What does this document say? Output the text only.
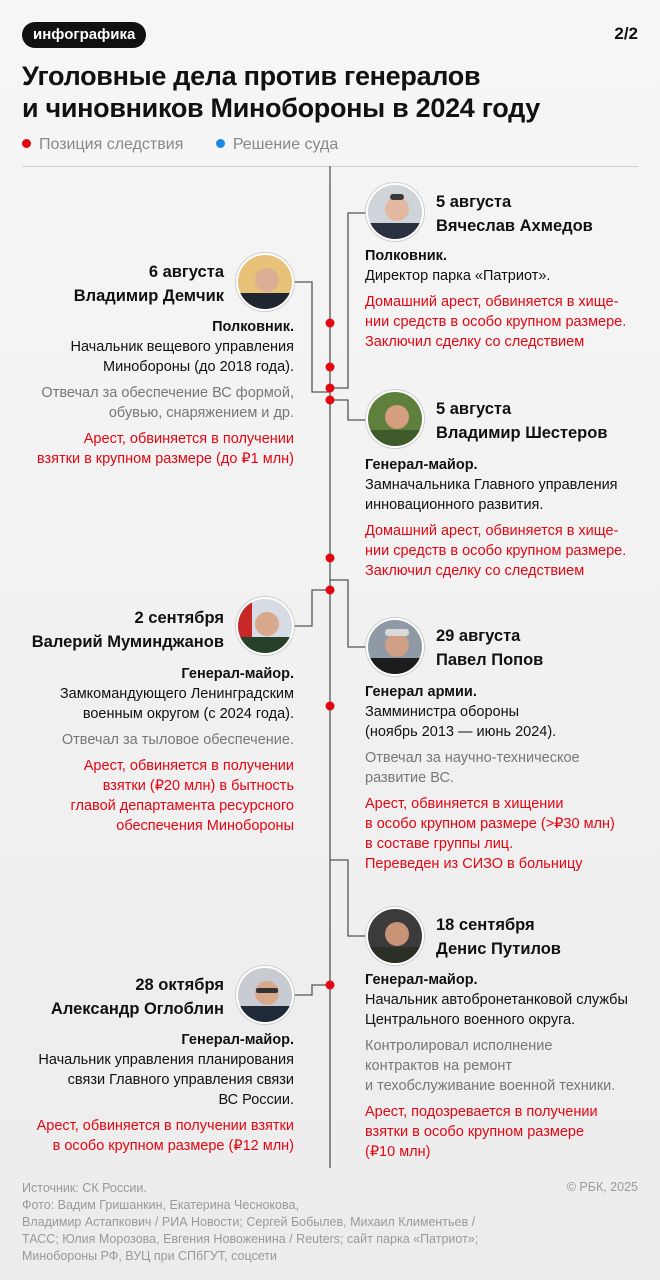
инфографика	2/2
Уголовные дела против генералов
и чиновников Минобороны в 2024 году
Позиция следствия	Решение суда
5 августа
Вячеслав Ахмедов

Полковник.

Директор парка «Патриот».

Домашний арест, обвиняется в хище-

нии средств в особо крупном размере.

Заключил сделку со следствием

6 августа
Владимир Демчик

Полковник.

Начальник вещевого управления

Минобороны (до 2018 года).

Отвечал за обеспечение ВС формой,

обувью, снаряжением и др.

Арест, обвиняется в получении

взятки в крупном размере (до ₽1 млн)

5 августа
Владимир Шестеров

Генерал-майор.

Замначальника Главного управления

инновационного развития.

Домашний арест, обвиняется в хище-

нии средств в особо крупном размере.

Заключил сделку со следствием

2 сентября
Валерий Муминджанов

Генерал-майор.

Замкомандующего Ленинградским

военным округом (с 2024 года).

Отвечал за тыловое обеспечение.

Арест, обвиняется в получении

взятки (₽20 млн) в бытность

главой департамента ресурсного

обеспечения Минобороны

29 августа
Павел Попов

Генерал армии.

Замминистра обороны

(ноябрь 2013 — июнь 2024).

Отвечал за научно-техническое

развитие ВС.

Арест, обвиняется в хищении

в особо крупном размере (>₽30 млн)

в составе группы лиц.

Переведен из СИЗО в больницу

18 сентября
Денис Путилов

Генерал-майор.

Начальник автобронетанковой службы

Центрального военного округа.

Контролировал исполнение

контрактов на ремонт

и техобслуживание военной техники.

Арест, подозревается в получении

взятки в особо крупном размере

(₽10 млн)

28 октября
Александр Оглоблин

Генерал-майор.

Начальник управления планирования

связи Главного управления связи

ВС России.

Арест, обвиняется в получении взятки

в особо крупном размере (₽12 млн)

Источник: СК России.

Фото: Вадим Гришанкин, Екатерина Чеснокова,

Владимир Астапкович / РИА Новости; Сергей Бобылев, Михаил Климентьев /

ТАСС; Юлия Морозова, Евгения Новоженина / Reuters; сайт парка «Патриот»;

Минобороны РФ, ВУЦ при СПбГУТ, соцсети

© РБК, 2025
